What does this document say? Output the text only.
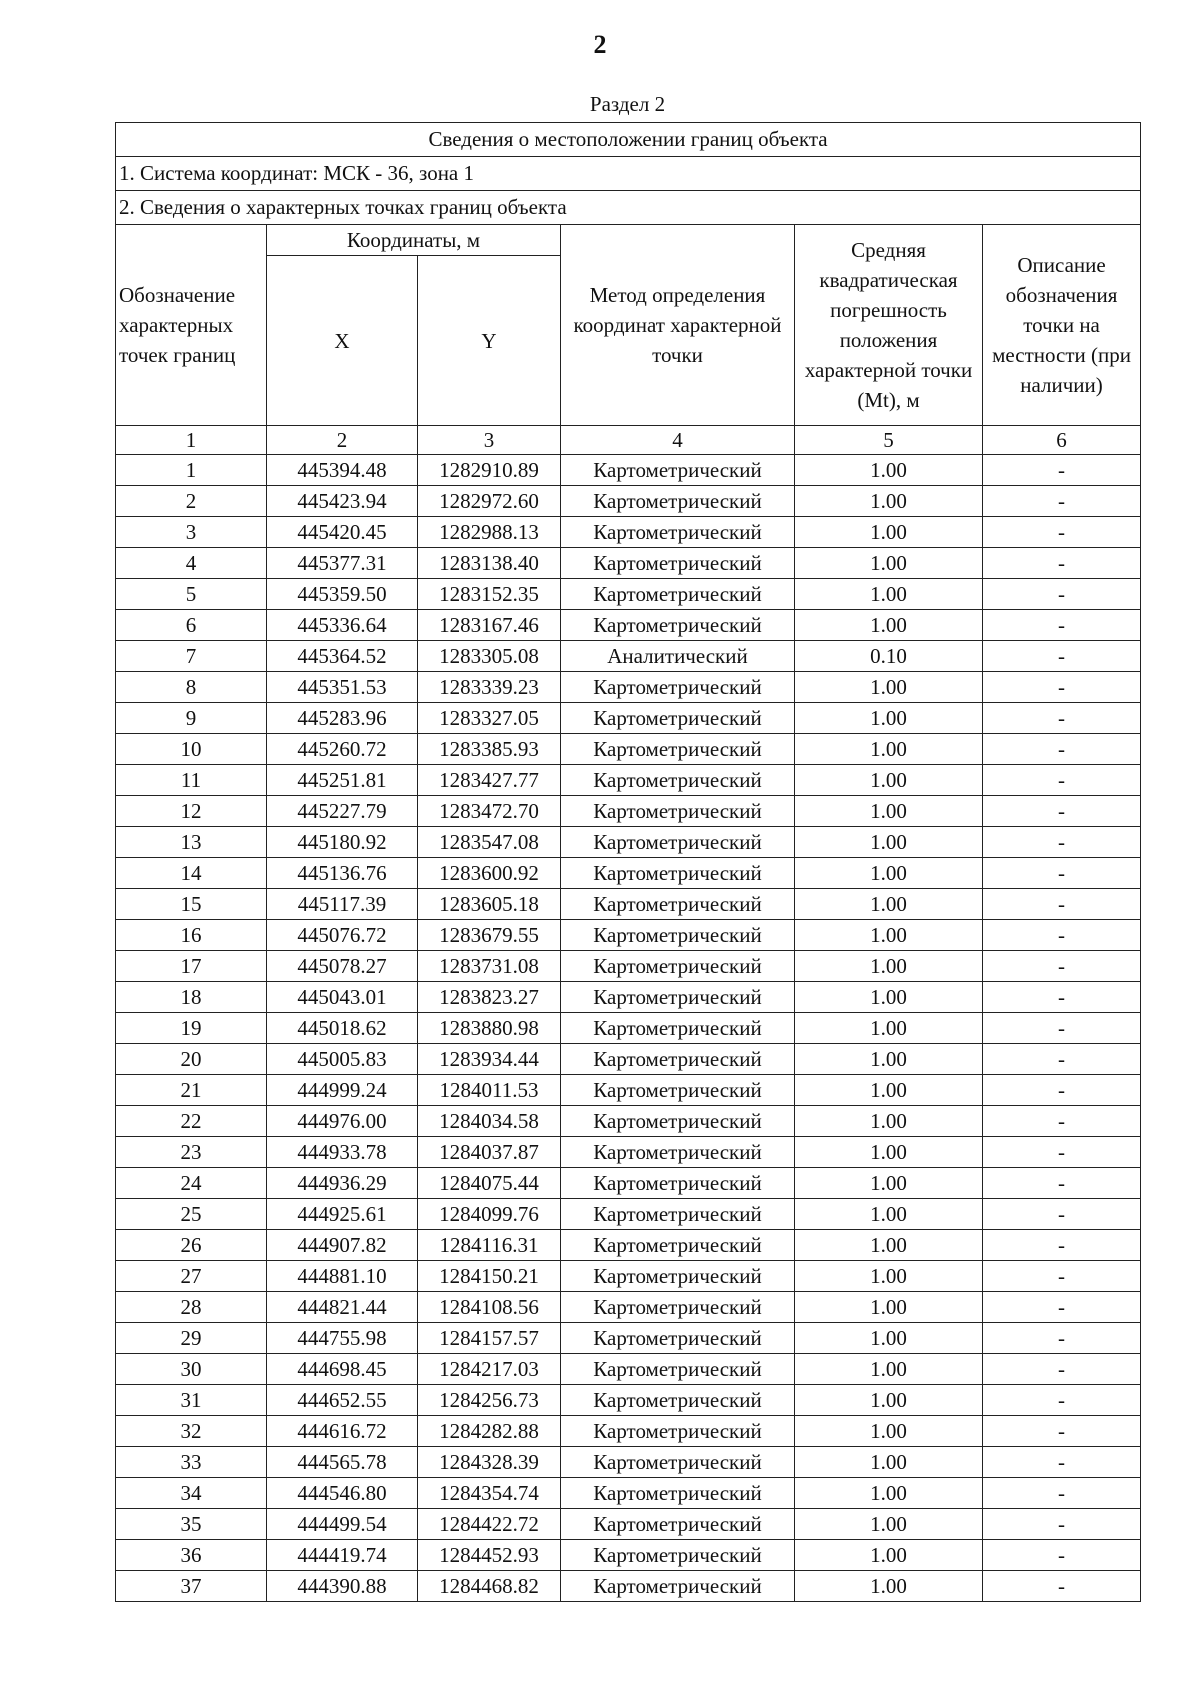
2
Раздел 2
Сведения о местоположении границ объекта					
1. Система координат: МСК - 36, зона 1					
2. Сведения о характерных точках границ объекта					
Обозначение характерных точек границ	Координаты, м		Метод определения координат характерной точки	Средняя квадратическая погрешность положения характерной точки (Mt), м	Описание обозначения точки на местности (при наличии)
	X	Y			
1	2	3	4	5	6
1	445394.48	1282910.89	Картометрический	1.00	-
2	445423.94	1282972.60	Картометрический	1.00	-
3	445420.45	1282988.13	Картометрический	1.00	-
4	445377.31	1283138.40	Картометрический	1.00	-
5	445359.50	1283152.35	Картометрический	1.00	-
6	445336.64	1283167.46	Картометрический	1.00	-
7	445364.52	1283305.08	Аналитический	0.10	-
8	445351.53	1283339.23	Картометрический	1.00	-
9	445283.96	1283327.05	Картометрический	1.00	-
10	445260.72	1283385.93	Картометрический	1.00	-
11	445251.81	1283427.77	Картометрический	1.00	-
12	445227.79	1283472.70	Картометрический	1.00	-
13	445180.92	1283547.08	Картометрический	1.00	-
14	445136.76	1283600.92	Картометрический	1.00	-
15	445117.39	1283605.18	Картометрический	1.00	-
16	445076.72	1283679.55	Картометрический	1.00	-
17	445078.27	1283731.08	Картометрический	1.00	-
18	445043.01	1283823.27	Картометрический	1.00	-
19	445018.62	1283880.98	Картометрический	1.00	-
20	445005.83	1283934.44	Картометрический	1.00	-
21	444999.24	1284011.53	Картометрический	1.00	-
22	444976.00	1284034.58	Картометрический	1.00	-
23	444933.78	1284037.87	Картометрический	1.00	-
24	444936.29	1284075.44	Картометрический	1.00	-
25	444925.61	1284099.76	Картометрический	1.00	-
26	444907.82	1284116.31	Картометрический	1.00	-
27	444881.10	1284150.21	Картометрический	1.00	-
28	444821.44	1284108.56	Картометрический	1.00	-
29	444755.98	1284157.57	Картометрический	1.00	-
30	444698.45	1284217.03	Картометрический	1.00	-
31	444652.55	1284256.73	Картометрический	1.00	-
32	444616.72	1284282.88	Картометрический	1.00	-
33	444565.78	1284328.39	Картометрический	1.00	-
34	444546.80	1284354.74	Картометрический	1.00	-
35	444499.54	1284422.72	Картометрический	1.00	-
36	444419.74	1284452.93	Картометрический	1.00	-
37	444390.88	1284468.82	Картометрический	1.00	-
